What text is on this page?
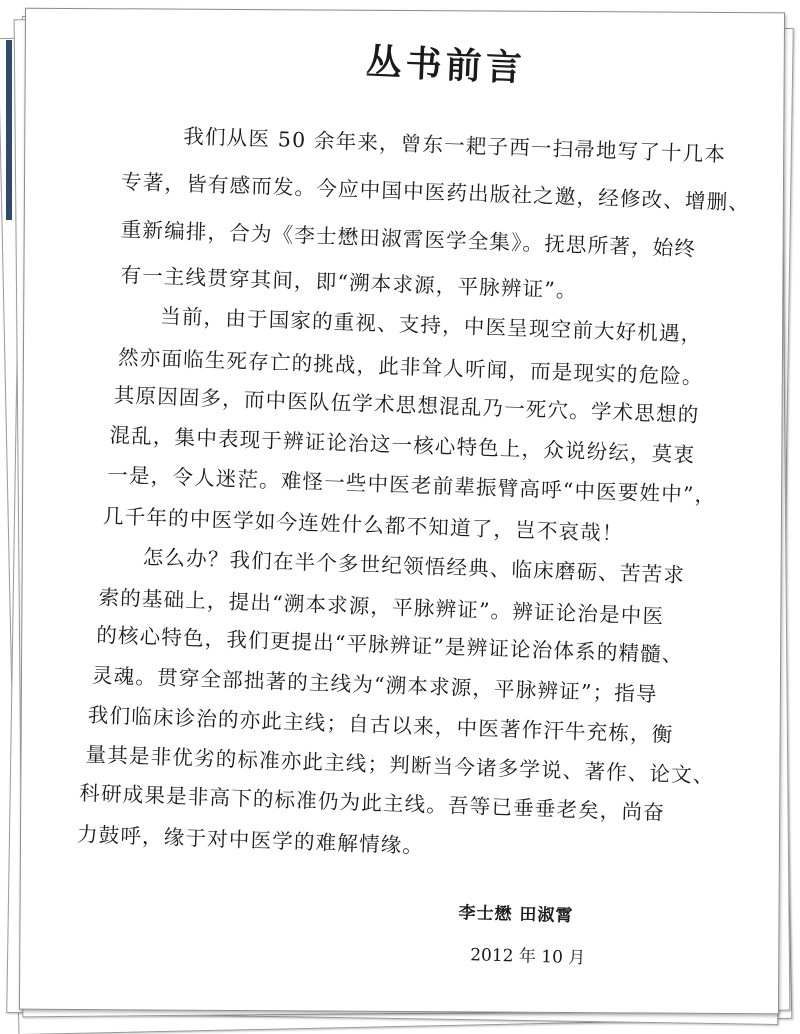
丛书前言
我们从医 50 余年来，曾东一耙子西一扫帚地写了十几本
专著，皆有感而发。今应中国中医药出版社之邀，经修改、增删、
重新编排，合为《李士懋田淑霄医学全集》。抚思所著，始终
有一主线贯穿其间，即“溯本求源，平脉辨证”。
当前，由于国家的重视、支持，中医呈现空前大好机遇，
然亦面临生死存亡的挑战，此非耸人听闻，而是现实的危险。
其原因固多，而中医队伍学术思想混乱乃一死穴。学术思想的
混乱，集中表现于辨证论治这一核心特色上，众说纷纭，莫衷
一是，令人迷茫。难怪一些中医老前辈振臂高呼“中医要姓中”，
几千年的中医学如今连姓什么都不知道了，岂不哀哉！
怎么办？我们在半个多世纪领悟经典、临床磨砺、苦苦求
索的基础上，提出“溯本求源，平脉辨证”。辨证论治是中医
的核心特色，我们更提出“平脉辨证”是辨证论治体系的精髓、
灵魂。贯穿全部拙著的主线为“溯本求源，平脉辨证”；指导
我们临床诊治的亦此主线；自古以来，中医著作汗牛充栋，衡
量其是非优劣的标准亦此主线；判断当今诸多学说、著作、论文、
科研成果是非高下的标准仍为此主线。吾等已垂垂老矣，尚奋
力鼓呼，缘于对中医学的难解情缘。
李士懋 田淑霄
2012 年 10 月
